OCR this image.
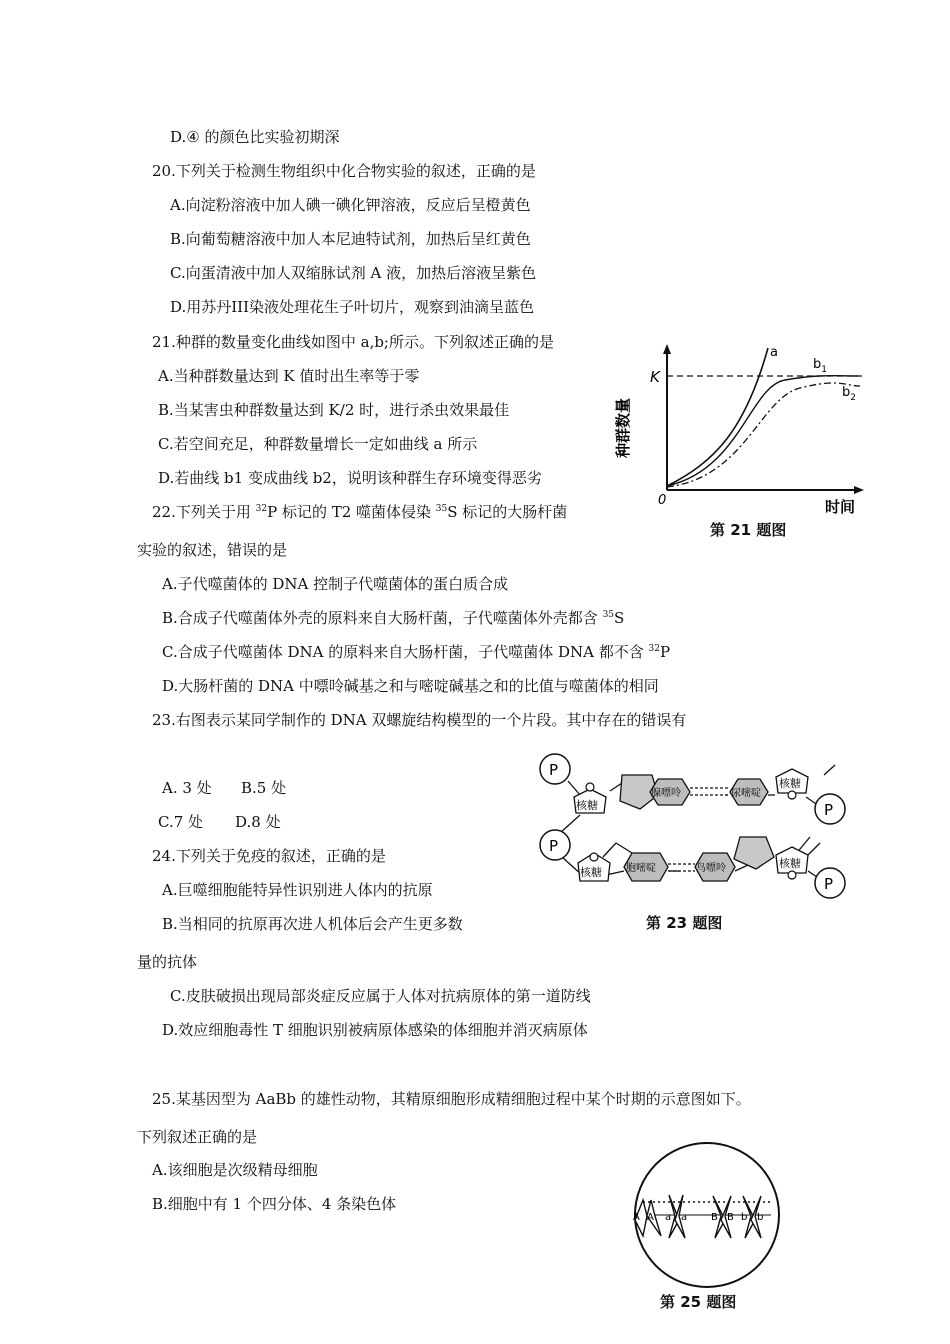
D.④ 的颜色比实验初期深
20.下列关于检测生物组织中化合物实验的叙述，正确的是
A.向淀粉溶液中加人碘一碘化钾溶液，反应后呈橙黄色
B.向葡萄糖溶液中加人本尼迪特试剂，加热后呈红黄色
C.向蛋清液中加人双缩脉试剂 A 液，加热后溶液呈紫色
D.用苏丹III染液处理花生子叶切片，观察到油滴呈蓝色
21.种群的数量变化曲线如图中 a,b;所示。下列叙述正确的是
A.当种群数量达到 K 值时出生率等于零
B.当某害虫种群数量达到 K/2 时，进行杀虫效果最佳
C.若空间充足，种群数量增长一定如曲线 a 所示
D.若曲线 b1 变成曲线 b2，说明该种群生存环境变得恶劣
K
0
a
$b_1$
$b_2$
种群数量
时间
第 21 题图
22.下列关于用 $^{32}$P 标记的 T2 噬菌体侵染 $^{35}$S 标记的大肠杆菌
实验的叙述，错误的是
A.子代噬菌体的 DNA 控制子代噬菌体的蛋白质合成
B.合成子代噬菌体外壳的原料来自大肠杆菌，子代噬菌体外壳都含 $^{35}$S
C.合成子代噬菌体 DNA 的原料来自大肠杆菌，子代噬菌体 DNA 都不含 $^{32}$P
D.大肠杆菌的 DNA 中嘌呤碱基之和与嘧啶碱基之和的比值与噬菌体的相同
23.右图表示某同学制作的 DNA 双螺旋结构模型的一个片段。其中存在的错误有
A. 3 处 B.5 处
C.7 处 D.8 处
P
核糖
腺嘌呤	尿嘧啶
核糖
P
P
核糖 胞嘧啶	鸟嘌呤	核糖
P
第 23 题图
24.下列关于免疫的叙述，正确的是
A.巨噬细胞能特异性识别进人体内的抗原
B.当相同的抗原再次进人机体后会产生更多数
量的抗体
C.皮肤破损出现局部炎症反应属于人体对抗病原体的第一道防线
D.效应细胞毒性 T 细胞识别被病原体感染的体细胞并消灭病原体
25.某基因型为 AaBb 的雄性动物，其精原细胞形成精细胞过程中某个时期的示意图如下。
下列叙述正确的是
A.该细胞是次级精母细胞
B.细胞中有 1 个四分体、4 条染色体
A A a a B B b b
第 25 题图
